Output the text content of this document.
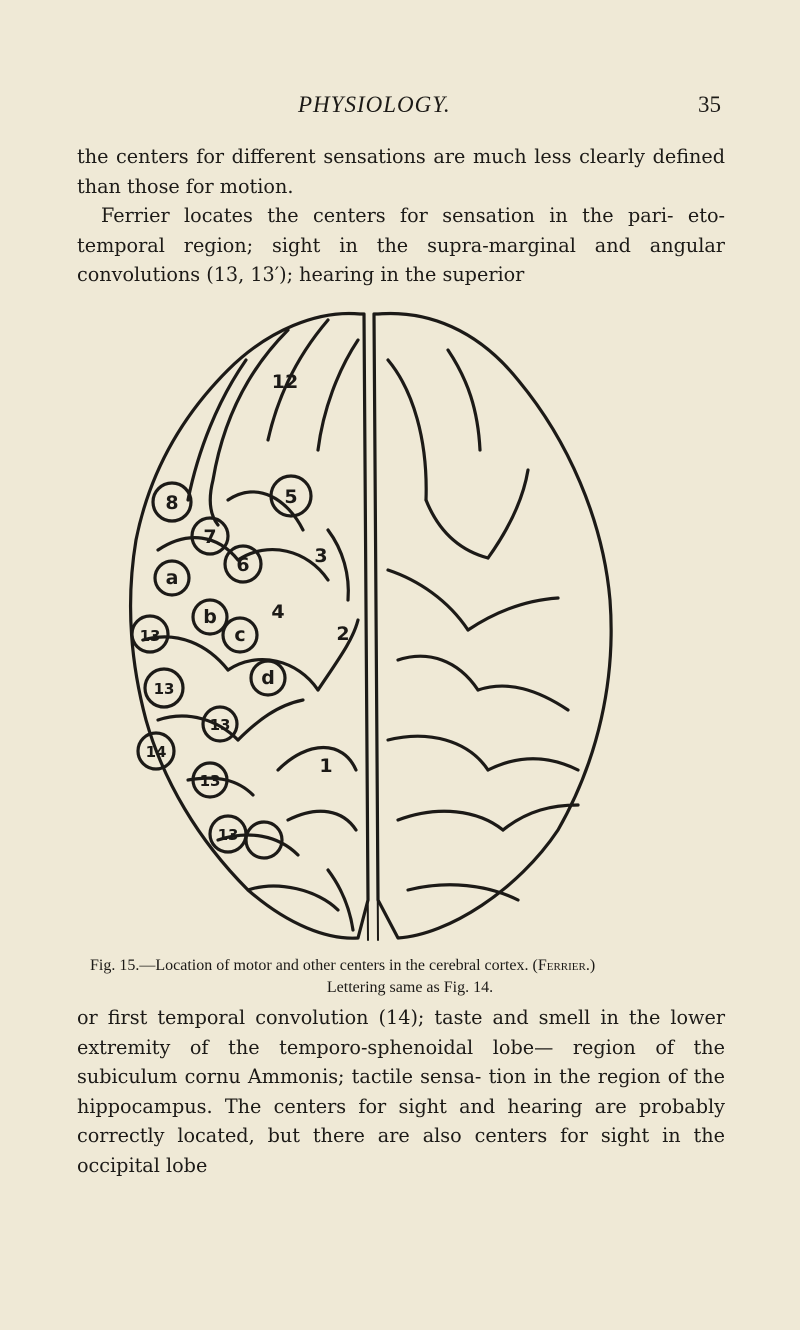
PHYSIOLOGY.	35

the centers for different sensations are much less clearly defined than those for motion.

Ferrier locates the centers for sensation in the pari- eto-temporal region; sight in the supra-marginal and angular convolutions (13, 13′); hearing in the superior

12
8	5
7
6	3
a
b	4
13	c	2
13	d
13
14
13
1
13
Fig. 15.—Location of motor and other centers in the cerebral cortex. (Ferrier.)
Lettering same as Fig. 14.

or first temporal convolution (14); taste and smell in the lower extremity of the temporo-sphenoidal lobe— region of the subiculum cornu Ammonis; tactile sensa- tion in the region of the hippocampus. The centers for sight and hearing are probably correctly located, but there are also centers for sight in the occipital lobe
